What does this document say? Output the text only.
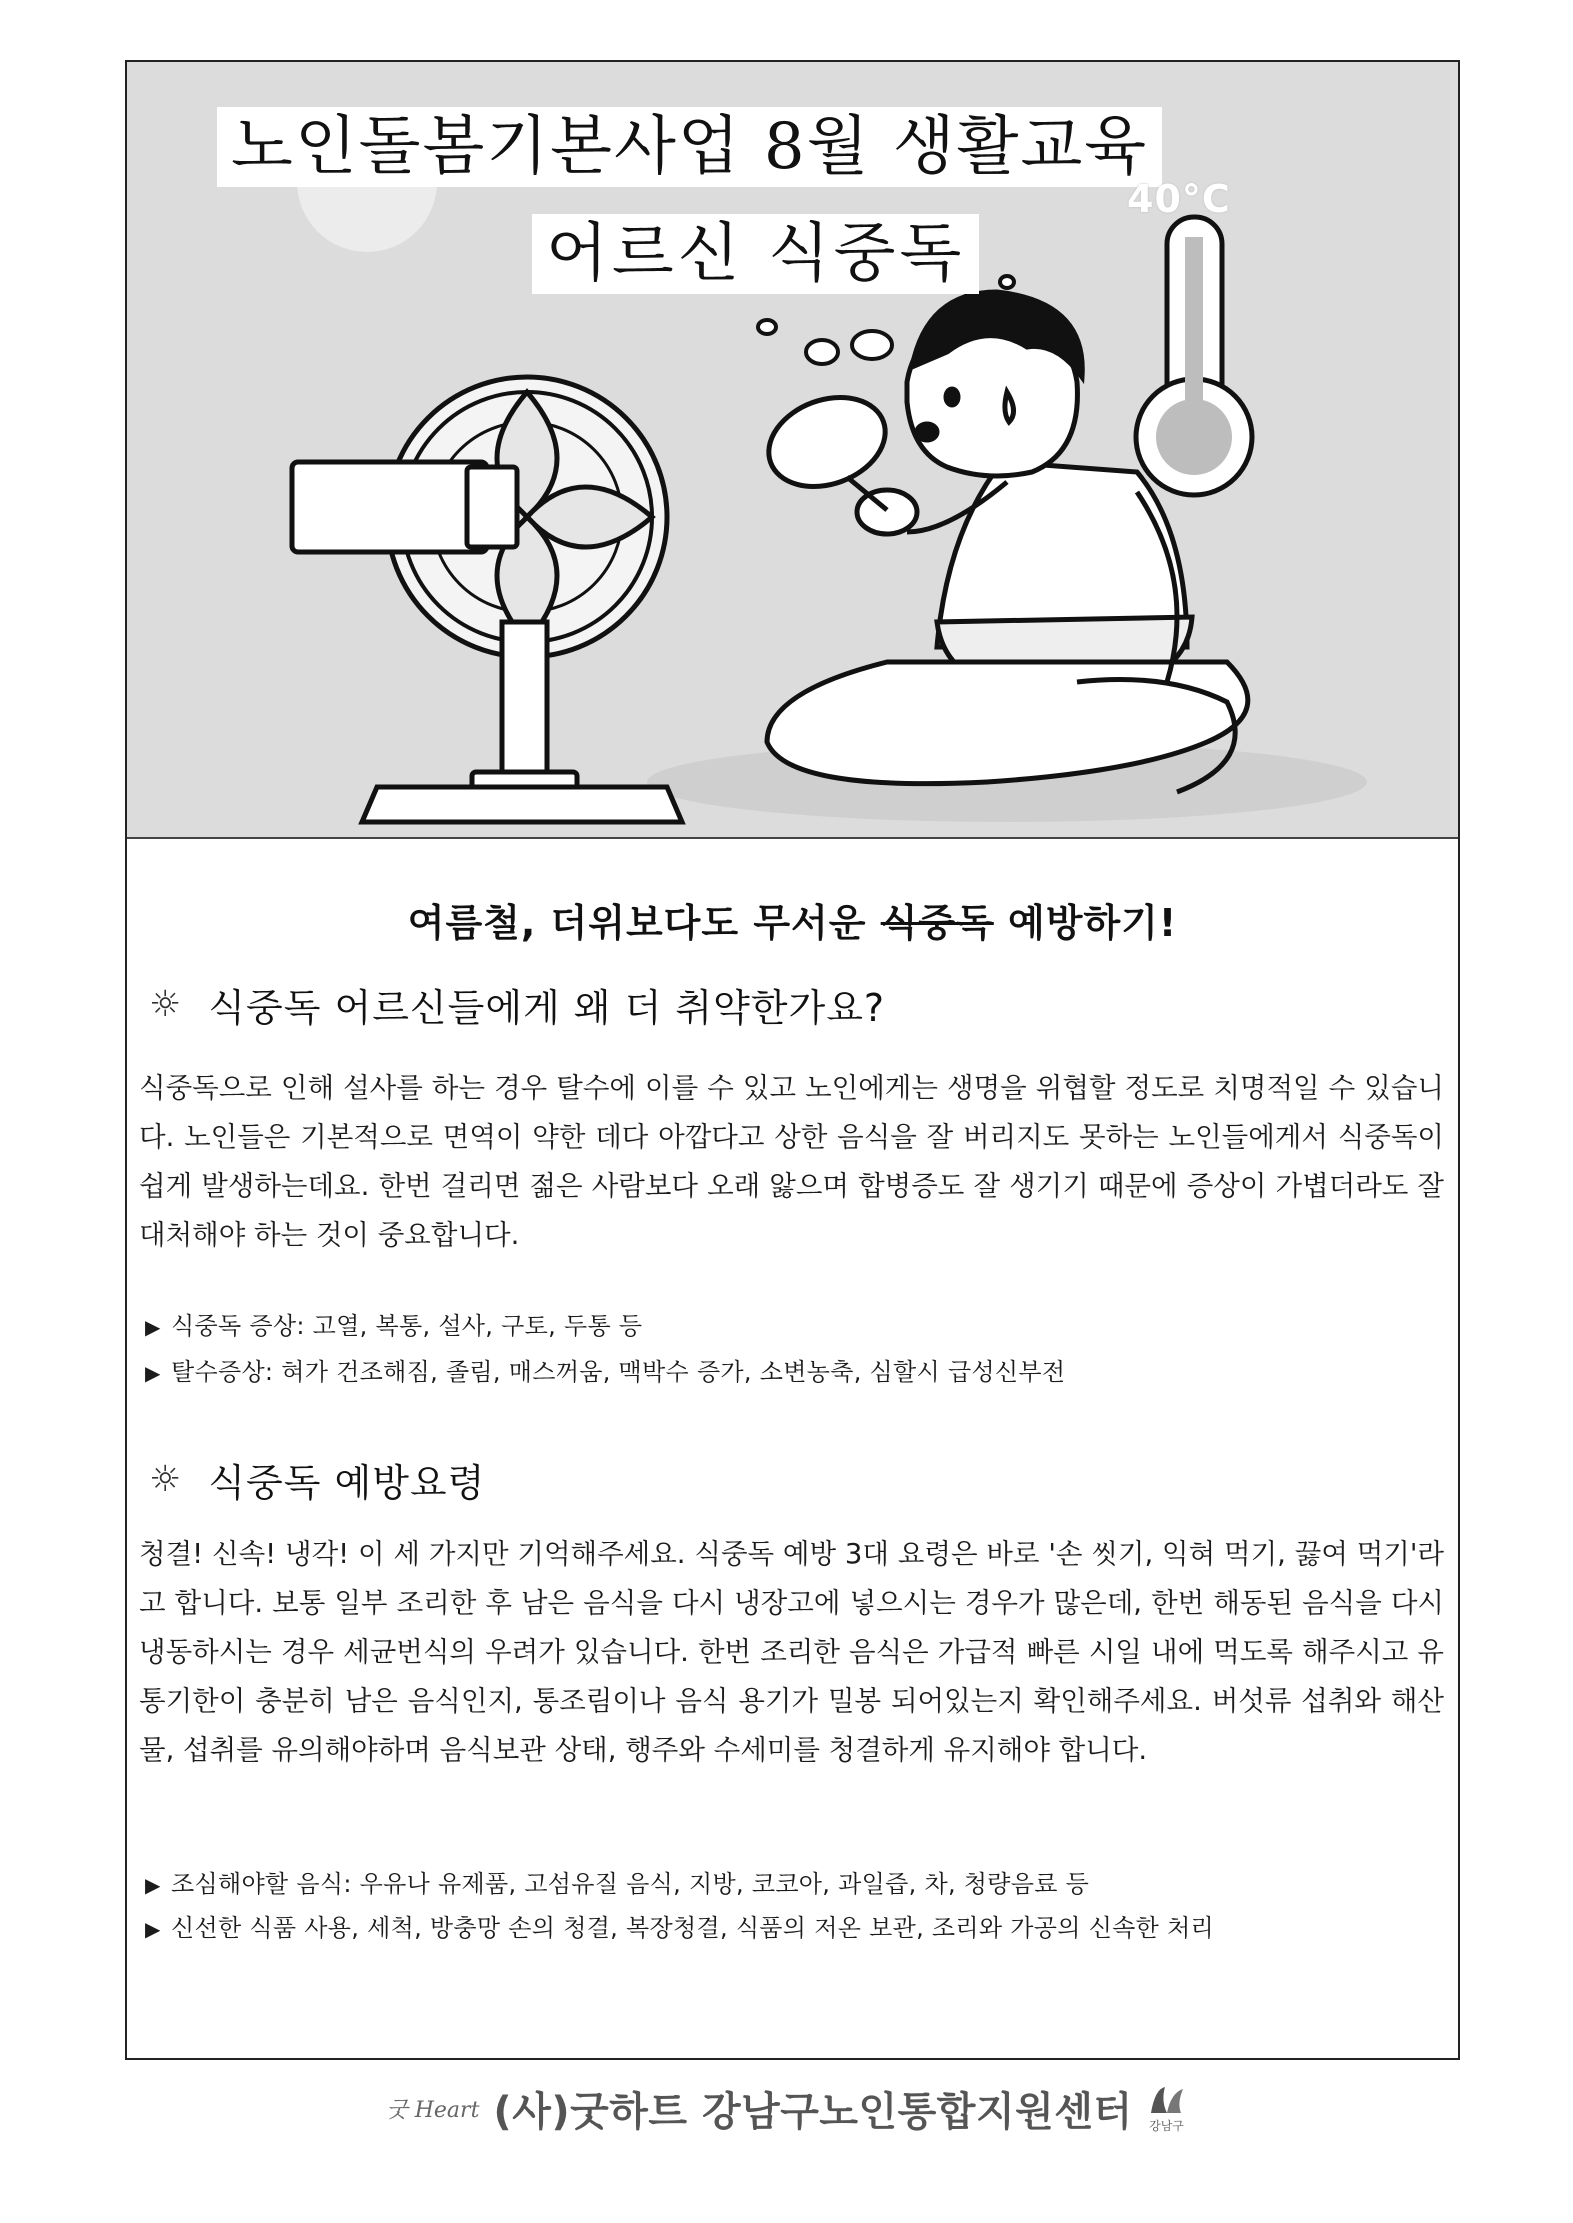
노인돌봄기본사업 8월 생활교육
어르신 식중독
40°C
여름철, 더위보다도 무서운 식중독 예방하기!
☼ 식중독 어르신들에게 왜 더 취약한가요?
식중독으로 인해 설사를 하는 경우 탈수에 이를 수 있고 노인에게는 생명을 위협할 정도로 치명적일 수 있습니다. 노인들은 기본적으로 면역이 약한 데다 아깝다고 상한 음식을 잘 버리지도 못하는 노인들에게서 식중독이 쉽게 발생하는데요. 한번 걸리면 젊은 사람보다 오래 앓으며 합병증도 잘 생기기 때문에 증상이 가볍더라도 잘 대처해야 하는 것이 중요합니다.
▶ 식중독 증상: 고열, 복통, 설사, 구토, 두통 등
▶ 탈수증상: 혀가 건조해짐, 졸림, 매스꺼움, 맥박수 증가, 소변농축, 심할시 급성신부전
☼ 식중독 예방요령
청결! 신속! 냉각! 이 세 가지만 기억해주세요. 식중독 예방 3대 요령은 바로 '손 씻기, 익혀 먹기, 끓여 먹기'라고 합니다. 보통 일부 조리한 후 남은 음식을 다시 냉장고에 넣으시는 경우가 많은데, 한번 해동된 음식을 다시 냉동하시는 경우 세균번식의 우려가 있습니다. 한번 조리한 음식은 가급적 빠른 시일 내에 먹도록 해주시고 유통기한이 충분히 남은 음식인지, 통조림이나 음식 용기가 밀봉 되어있는지 확인해주세요. 버섯류 섭취와 해산물, 섭취를 유의해야하며 음식보관 상태, 행주와 수세미를 청결하게 유지해야 합니다.
▶ 조심해야할 음식: 우유나 유제품, 고섬유질 음식, 지방, 코코아, 과일즙, 차, 청량음료 등
▶ 신선한 식품 사용, 세척, 방충망 손의 청결, 복장청결, 식품의 저온 보관, 조리와 가공의 신속한 처리
굿 Heart (사)굿하트 강남구노인통합지원센터 강남구
